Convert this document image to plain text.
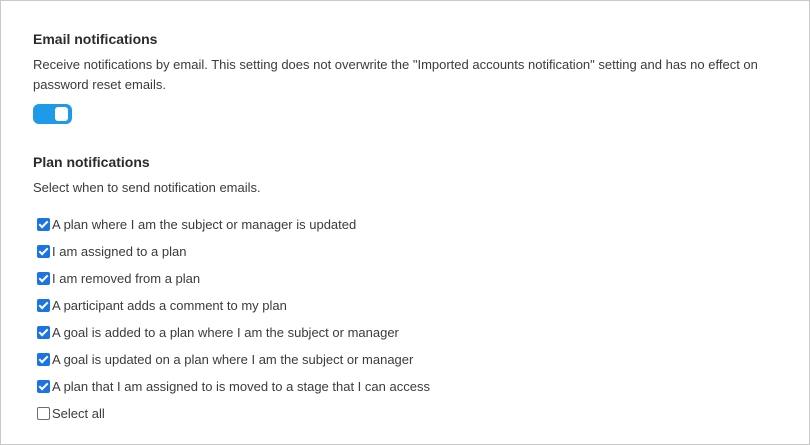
Email notifications

Receive notifications by email. This setting does not overwrite the "Imported accounts notification" setting and has no effect on password reset emails.

Plan notifications

Select when to send notification emails.

A plan where I am the subject or manager is updated
I am assigned to a plan
I am removed from a plan
A participant adds a comment to my plan
A goal is added to a plan where I am the subject or manager
A goal is updated on a plan where I am the subject or manager
A plan that I am assigned to is moved to a stage that I can access
Select all
